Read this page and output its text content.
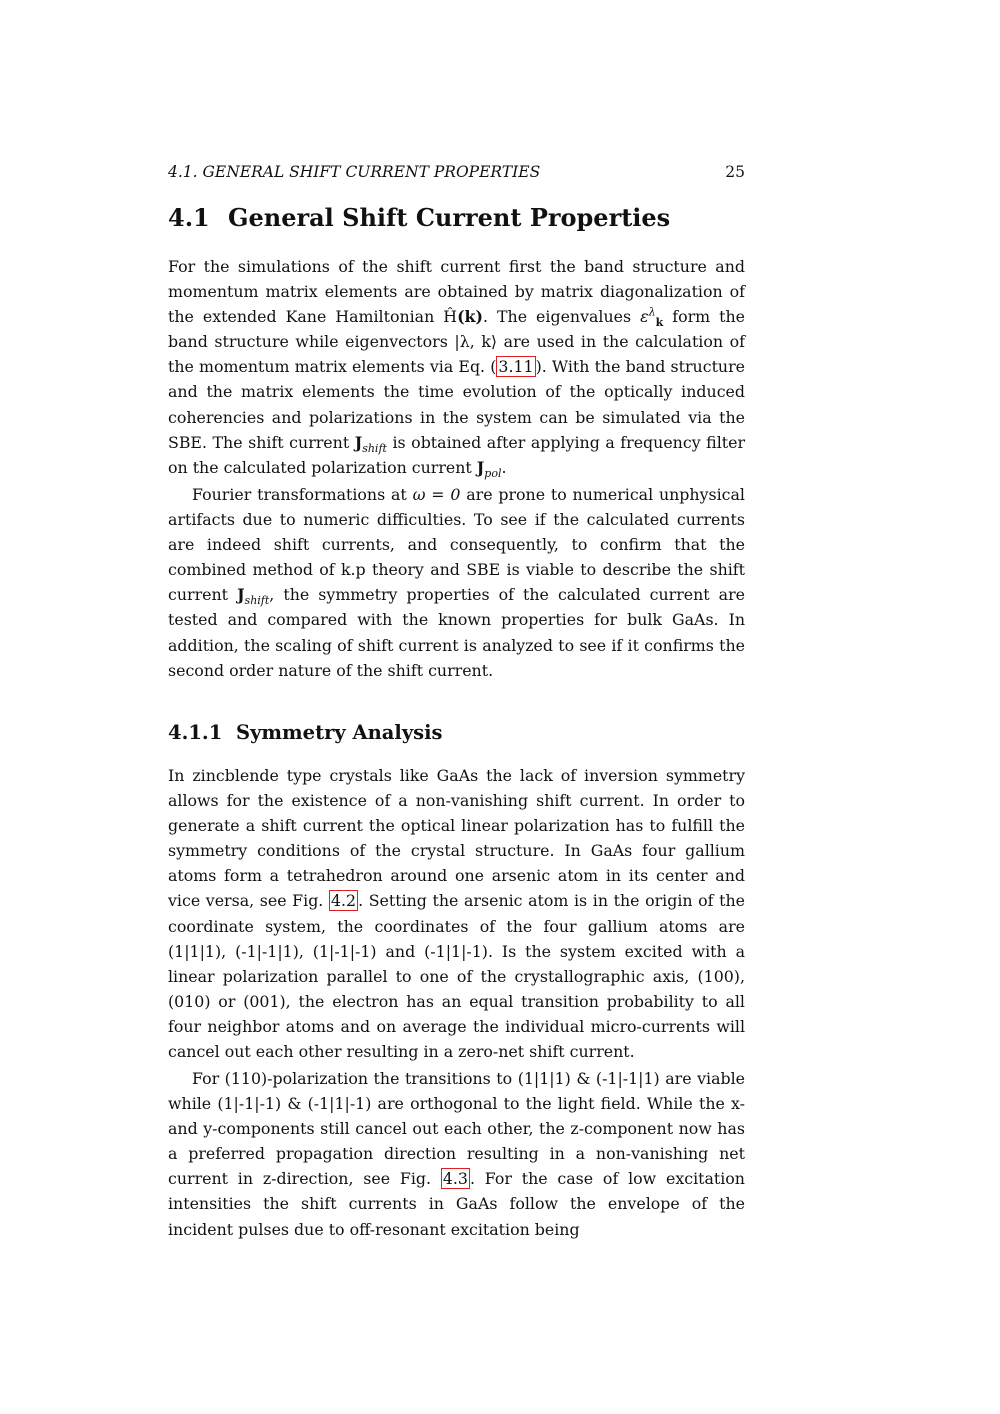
4.1. GENERAL SHIFT CURRENT PROPERTIES	25
4.1 General Shift Current Properties

For the simulations of the shift current first the band structure and momentum matrix elements are obtained by matrix diagonalization of the extended Kane Hamiltonian Ĥ(k). The eigenvalues $\varepsilon^\lambda_k$ form the band structure while eigenvectors |λ, k⟩ are used in the calculation of the momentum matrix elements via Eq. ( 3.11 ). With the band structure and the matrix elements the time evolution of the optically induced coherencies and polarizations in the system can be simulated via the SBE. The shift current $J_{shift}$ is obtained after applying a frequency filter on the calculated polarization current $J_{pol}$.

Fourier transformations at ω = 0 are prone to numerical unphysical artifacts due to numeric difficulties. To see if the calculated currents are indeed shift currents, and consequently, to confirm that the combined method of k.p theory and SBE is viable to describe the shift current $J_{shift}$, the symmetry properties of the calculated current are tested and compared with the known properties for bulk GaAs. In addition, the scaling of shift current is analyzed to see if it confirms the second order nature of the shift current.

4.1.1 Symmetry Analysis

In zincblende type crystals like GaAs the lack of inversion symmetry allows for the existence of a non-vanishing shift current. In order to generate a shift current the optical linear polarization has to fulfill the symmetry conditions of the crystal structure. In GaAs four gallium atoms form a tetrahedron around one arsenic atom in its center and vice versa, see Fig. 4.2 . Setting the arsenic atom is in the origin of the coordinate system, the coordinates of the four gallium atoms are (1|1|1), (-1|-1|1), (1|-1|-1) and (-1|1|-1). Is the system excited with a linear polarization parallel to one of the crystallographic axis, (100), (010) or (001), the electron has an equal transition probability to all four neighbor atoms and on average the individual micro-currents will cancel out each other resulting in a zero-net shift current.

For (110)-polarization the transitions to (1|1|1) & (-1|-1|1) are viable while (1|-1|-1) & (-1|1|-1) are orthogonal to the light field. While the x- and y-components still cancel out each other, the z-component now has a preferred propagation direction resulting in a non-vanishing net current in z-direction, see Fig. 4.3 . For the case of low excitation intensities the shift currents in GaAs follow the envelope of the incident pulses due to off-resonant excitation being
